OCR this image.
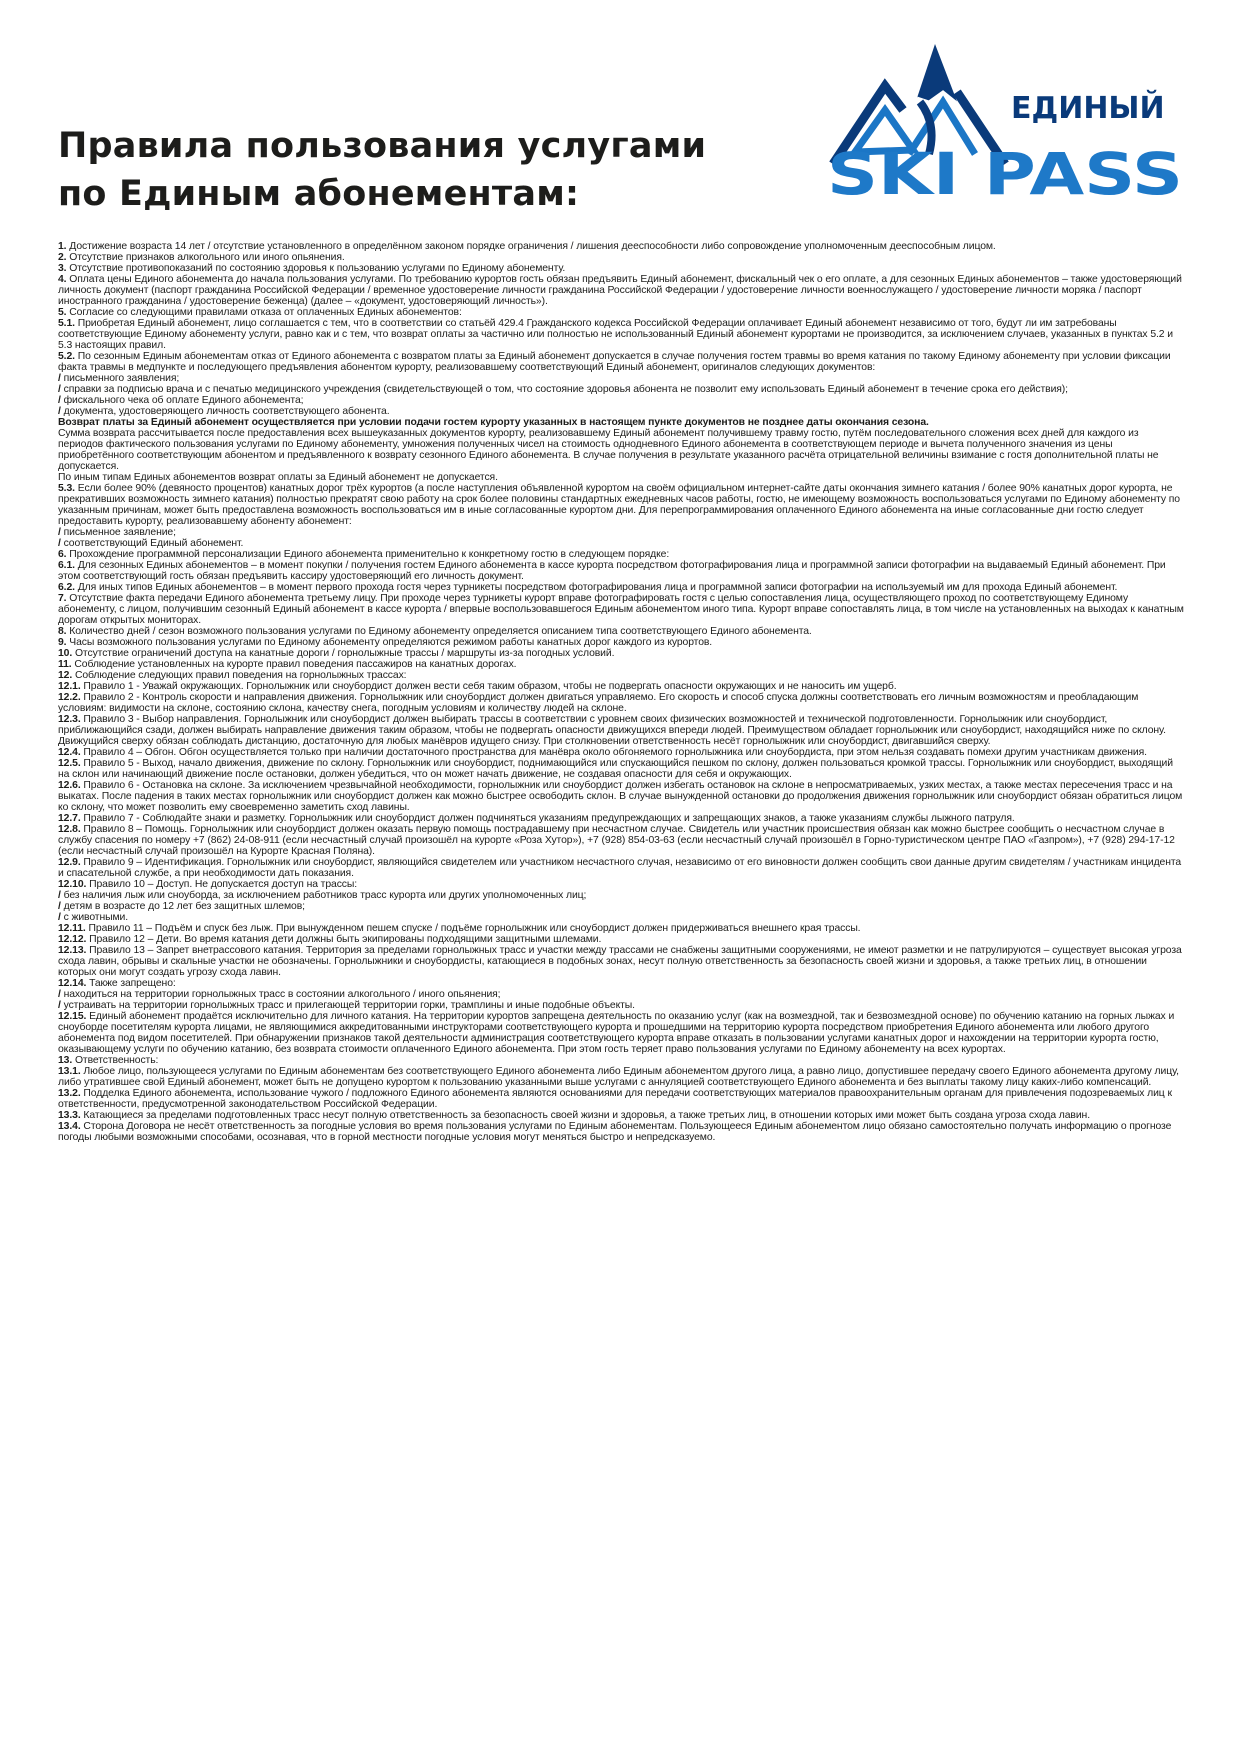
Правила пользования услугами
по Единым абонементам:
ЕДИНЫЙ
SKI PASS

1. Достижение возраста 14 лет / отсутствие установленного в определённом законом порядке ограничения / лишения дееспособности либо сопровождение уполномоченным дееспособным лицом.

2. Отсутствие признаков алкогольного или иного опьянения.

3. Отсутствие противопоказаний по состоянию здоровья к пользованию услугами по Единому абонементу.

4. Оплата цены Единого абонемента до начала пользования услугами. По требованию курортов гость обязан предъявить Единый абонемент, фискальный чек о его оплате, а для сезонных Единых абонементов – также удостоверяющий личность документ (паспорт гражданина Российской Федерации / временное удостоверение личности гражданина Российской Федерации / удостоверение личности военнослужащего / удостоверение личности моряка / паспорт иностранного гражданина / удостоверение беженца) (далее – «документ, удостоверяющий личность»).

5. Согласие со следующими правилами отказа от оплаченных Единых абонементов:

5.1. Приобретая Единый абонемент, лицо соглашается с тем, что в соответствии со статьёй 429.4 Гражданского кодекса Российской Федерации оплачивает Единый абонемент независимо от того, будут ли им затребованы соответствующие Единому абонементу услуги, равно как и с тем, что возврат оплаты за частично или полностью не использованный Единый абонемент курортами не производится, за исключением случаев, указанных в пунктах 5.2 и 5.3 настоящих правил.

5.2. По сезонным Единым абонементам отказ от Единого абонемента с возвратом платы за Единый абонемент допускается в случае получения гостем травмы во время катания по такому Единому абонементу при условии фиксации факта травмы в медпункте и последующего предъявления абонентом курорту, реализовавшему соответствующий Единый абонемент, оригиналов следующих документов:

/ письменного заявления;

/ справки за подписью врача и с печатью медицинского учреждения (свидетельствующей о том, что состояние здоровья абонента не позволит ему использовать Единый абонемент в течение срока его действия);

/ фискального чека об оплате Единого абонемента;

/ документа, удостоверяющего личность соответствующего абонента.

Возврат платы за Единый абонемент осуществляется при условии подачи гостем курорту указанных в настоящем пункте документов не позднее даты окончания сезона.

Сумма возврата рассчитывается после предоставления всех вышеуказанных документов курорту, реализовавшему Единый абонемент получившему травму гостю, путём последовательного сложения всех дней для каждого из периодов фактического пользования услугами по Единому абонементу, умножения полученных чисел на стоимость однодневного Единого абонемента в соответствующем периоде и вычета полученного значения из цены приобретённого соответствующим абонентом и предъявленного к возврату сезонного Единого абонемента. В случае получения в результате указанного расчёта отрицательной величины взимание с гостя дополнительной платы не допускается.

По иным типам Единых абонементов возврат оплаты за Единый абонемент не допускается.

5.3. Если более 90% (девяносто процентов) канатных дорог трёх курортов (а после наступления объявленной курортом на своём официальном интернет-сайте даты окончания зимнего катания / более 90% канатных дорог курорта, не прекративших возможность зимнего катания) полностью прекратят свою работу на срок более половины стандартных ежедневных часов работы, гостю, не имеющему возможность воспользоваться услугами по Единому абонементу по указанным причинам, может быть предоставлена возможность воспользоваться им в иные согласованные курортом дни. Для перепрограммирования оплаченного Единого абонемента на иные согласованные дни гостю следует предоставить курорту, реализовавшему абоненту абонемент:

/ письменное заявление;

/ соответствующий Единый абонемент.

6. Прохождение программной персонализации Единого абонемента применительно к конкретному гостю в следующем порядке:

6.1. Для сезонных Единых абонементов – в момент покупки / получения гостем Единого абонемента в кассе курорта посредством фотографирования лица и программной записи фотографии на выдаваемый Единый абонемент. При этом соответствующий гость обязан предъявить кассиру удостоверяющий его личность документ.

6.2. Для иных типов Единых абонементов – в момент первого прохода гостя через турникеты посредством фотографирования лица и программной записи фотографии на используемый им для прохода Единый абонемент.

7. Отсутствие факта передачи Единого абонемента третьему лицу. При проходе через турникеты курорт вправе фотографировать гостя с целью сопоставления лица, осуществляющего проход по соответствующему Единому абонементу, с лицом, получившим сезонный Единый абонемент в кассе курорта / впервые воспользовавшегося Единым абонементом иного типа. Курорт вправе сопоставлять лица, в том числе на установленных на выходах к канатным дорогам открытых мониторах.

8. Количество дней / сезон возможного пользования услугами по Единому абонементу определяется описанием типа соответствующего Единого абонемента.

9. Часы возможного пользования услугами по Единому абонементу определяются режимом работы канатных дорог каждого из курортов.

10. Отсутствие ограничений доступа на канатные дороги / горнолыжные трассы / маршруты из-за погодных условий.

11. Соблюдение установленных на курорте правил поведения пассажиров на канатных дорогах.

12. Соблюдение следующих правил поведения на горнолыжных трассах:

12.1. Правило 1 - Уважай окружающих. Горнолыжник или сноубордист должен вести себя таким образом, чтобы не подвергать опасности окружающих и не наносить им ущерб.

12.2. Правило 2 - Контроль скорости и направления движения. Горнолыжник или сноубордист должен двигаться управляемо. Его скорость и способ спуска должны соответствовать его личным возможностям и преобладающим условиям: видимости на склоне, состоянию склона, качеству снега, погодным условиям и количеству людей на склоне.

12.3. Правило 3 - Выбор направления. Горнолыжник или сноубордист должен выбирать трассы в соответствии с уровнем своих физических возможностей и технической подготовленности. Горнолыжник или сноубордист, приближающийся сзади, должен выбирать направление движения таким образом, чтобы не подвергать опасности движущихся впереди людей. Преимуществом обладает горнолыжник или сноубордист, находящийся ниже по склону. Движущийся сверху обязан соблюдать дистанцию, достаточную для любых манёвров идущего снизу. При столкновении ответственность несёт горнолыжник или сноубордист, двигавшийся сверху.

12.4. Правило 4 – Обгон. Обгон осуществляется только при наличии достаточного пространства для манёвра около обгоняемого горнолыжника или сноубордиста, при этом нельзя создавать помехи другим участникам движения.

12.5. Правило 5 - Выход, начало движения, движение по склону. Горнолыжник или сноубордист, поднимающийся или спускающийся пешком по склону, должен пользоваться кромкой трассы. Горнолыжник или сноубордист, выходящий на склон или начинающий движение после остановки, должен убедиться, что он может начать движение, не создавая опасности для себя и окружающих.

12.6. Правило 6 - Остановка на склоне. За исключением чрезвычайной необходимости, горнолыжник или сноубордист должен избегать остановок на склоне в непросматриваемых, узких местах, а также местах пересечения трасс и на выкатах. После падения в таких местах горнолыжник или сноубордист должен как можно быстрее освободить склон. В случае вынужденной остановки до продолжения движения горнолыжник или сноубордист обязан обратиться лицом ко склону, что может позволить ему своевременно заметить сход лавины.

12.7. Правило 7 - Соблюдайте знаки и разметку. Горнолыжник или сноубордист должен подчиняться указаниям предупреждающих и запрещающих знаков, а также указаниям службы лыжного патруля.

12.8. Правило 8 – Помощь. Горнолыжник или сноубордист должен оказать первую помощь пострадавшему при несчастном случае. Свидетель или участник происшествия обязан как можно быстрее сообщить о несчастном случае в службу спасения по номеру +7 (862) 24-08-911 (если несчастный случай произошёл на курорте «Роза Хутор»), +7 (928) 854-03-63 (если несчастный случай произошёл в Горно-туристическом центре ПАО «Газпром»), +7 (928) 294-17-12 (если несчастный случай произошёл на Курорте Красная Поляна).

12.9. Правило 9 – Идентификация. Горнолыжник или сноубордист, являющийся свидетелем или участником несчастного случая, независимо от его виновности должен сообщить свои данные другим свидетелям / участникам инцидента и спасательной службе, а при необходимости дать показания.

12.10. Правило 10 – Доступ. Не допускается доступ на трассы:

/ без наличия лыж или сноуборда, за исключением работников трасс курорта или других уполномоченных лиц;

/ детям в возрасте до 12 лет без защитных шлемов;

/ с животными.

12.11. Правило 11 – Подъём и спуск без лыж. При вынужденном пешем спуске / подъёме горнолыжник или сноубордист должен придерживаться внешнего края трассы.

12.12. Правило 12 – Дети. Во время катания дети должны быть экипированы подходящими защитными шлемами.

12.13. Правило 13 – Запрет внетрассового катания. Территория за пределами горнолыжных трасс и участки между трассами не снабжены защитными сооружениями, не имеют разметки и не патрулируются – существует высокая угроза схода лавин, обрывы и скальные участки не обозначены. Горнолыжники и сноубордисты, катающиеся в подобных зонах, несут полную ответственность за безопасность своей жизни и здоровья, а также третьих лиц, в отношении которых они могут создать угрозу схода лавин.

12.14. Также запрещено:

/ находиться на территории горнолыжных трасс в состоянии алкогольного / иного опьянения;

/ устраивать на территории горнолыжных трасс и прилегающей территории горки, трамплины и иные подобные объекты.

12.15. Единый абонемент продаётся исключительно для личного катания. На территории курортов запрещена деятельность по оказанию услуг (как на возмездной, так и безвозмездной основе) по обучению катанию на горных лыжах и сноуборде посетителям курорта лицами, не являющимися аккредитованными инструкторами соответствующего курорта и прошедшими на территорию курорта посредством приобретения Единого абонемента или любого другого абонемента под видом посетителей. При обнаружении признаков такой деятельности администрация соответствующего курорта вправе отказать в пользовании услугами канатных дорог и нахождении на территории курорта гостю, оказывающему услуги по обучению катанию, без возврата стоимости оплаченного Единого абонемента. При этом гость теряет право пользования услугами по Единому абонементу на всех курортах.

13. Ответственность:

13.1. Любое лицо, пользующееся услугами по Единым абонементам без соответствующего Единого абонемента либо Единым абонементом другого лица, а равно лицо, допустившее передачу своего Единого абонемента другому лицу, либо утратившее свой Единый абонемент, может быть не допущено курортом к пользованию указанными выше услугами с аннуляцией соответствующего Единого абонемента и без выплаты такому лицу каких-либо компенсаций.

13.2. Подделка Единого абонемента, использование чужого / подложного Единого абонемента являются основаниями для передачи соответствующих материалов правоохранительным органам для привлечения подозреваемых лиц к ответственности, предусмотренной законодательством Российской Федерации.

13.3. Катающиеся за пределами подготовленных трасс несут полную ответственность за безопасность своей жизни и здоровья, а также третьих лиц, в отношении которых ими может быть создана угроза схода лавин.

13.4. Сторона Договора не несёт ответственность за погодные условия во время пользования услугами по Единым абонементам. Пользующееся Единым абонементом лицо обязано самостоятельно получать информацию о прогнозе погоды любыми возможными способами, осознавая, что в горной местности погодные условия могут меняться быстро и непредсказуемо.
